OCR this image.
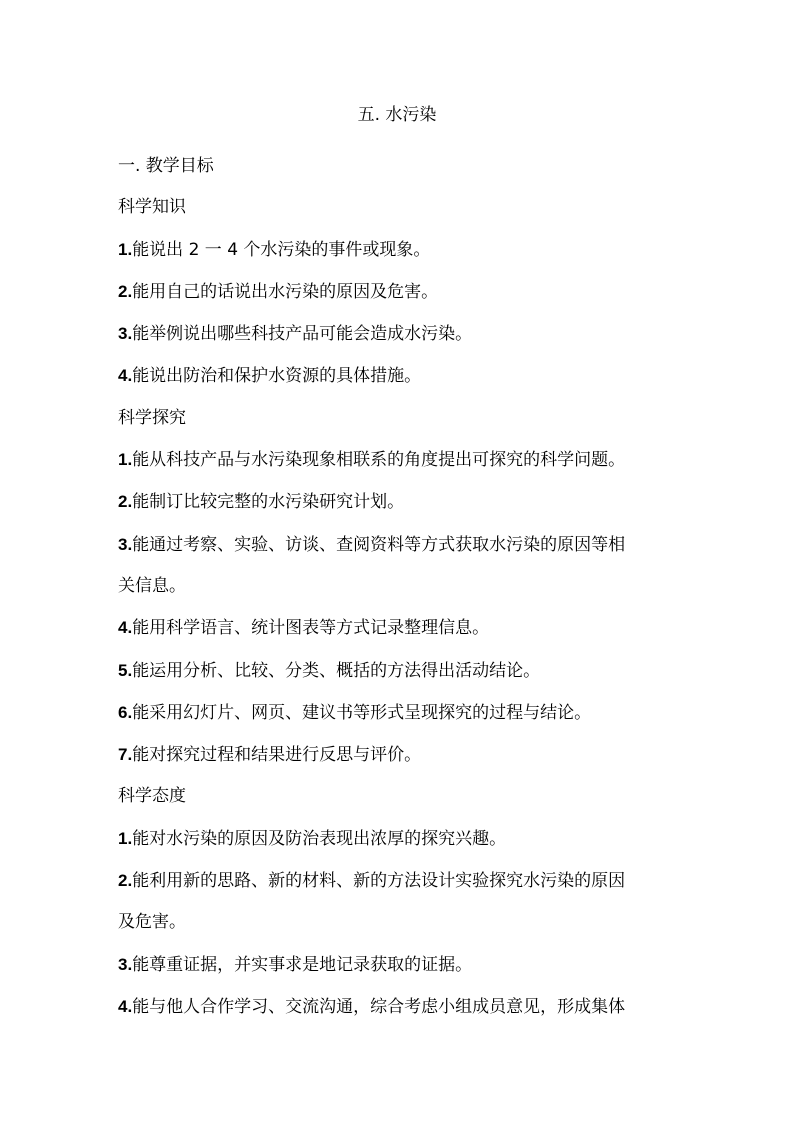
五. 水污染

一. 教学目标

科学知识

1.能说出 2 一 4 个水污染的事件或现象。

2.能用自己的话说出水污染的原因及危害。

3.能举例说出哪些科技产品可能会造成水污染。

4.能说出防治和保护水资源的具体措施。

科学探究

1.能从科技产品与水污染现象相联系的角度提出可探究的科学问题。

2.能制订比较完整的水污染研究计划。

3.能通过考察、实验、访谈、查阅资料等方式获取水污染的原因等相

关信息。

4.能用科学语言、统计图表等方式记录整理信息。

5.能运用分析、比较、分类、概括的方法得出活动结论。

6.能采用幻灯片、网页、建议书等形式呈现探究的过程与结论。

7.能对探究过程和结果进行反思与评价。

科学态度

1.能对水污染的原因及防治表现出浓厚的探究兴趣。

2.能利用新的思路、新的材料、新的方法设计实验探究水污染的原因

及危害。

3.能尊重证据，并实事求是地记录获取的证据。

4.能与他人合作学习、交流沟通，综合考虑小组成员意见，形成集体
